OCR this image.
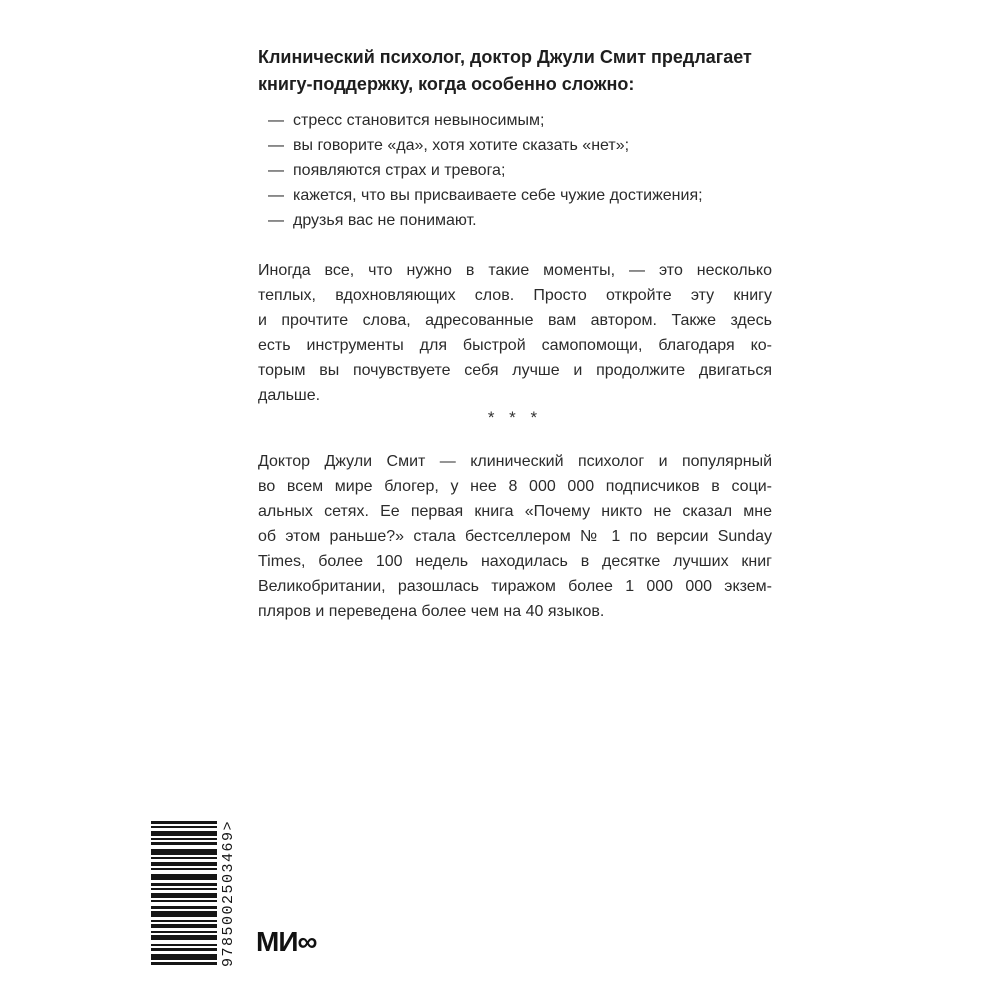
Клинический психолог, доктор Джули Смит предлагает
книгу-поддержку, когда особенно сложно:
— стресс становится невыносимым;
— вы говорите «да», хотя хотите сказать «нет»;
— появляются страх и тревога;
— кажется, что вы присваиваете себе чужие достижения;
— друзья вас не понимают.
Иногда все, что нужно в такие моменты, — это несколько
теплых, вдохновляющих слов. Просто откройте эту книгу
и прочтите слова, адресованные вам автором. Также здесь
есть инструменты для быстрой самопомощи, благодаря ко-
торым вы почувствуете себя лучше и продолжите двигаться
дальше.
* * *
Доктор Джули Смит — клинический психолог и популярный
во всем мире блогер, у нее 8 000 000 подписчиков в соци-
альных сетях. Ее первая книга «Почему никто не сказал мне
об этом раньше?» стала бестселлером № 1 по версии Sunday
Times, более 100 недель находилась в десятке лучших книг
Великобритании, разошлась тиражом более 1 000 000 экзем-
пляров и переведена более чем на 40 языков.
9785002503469> МИ∞
